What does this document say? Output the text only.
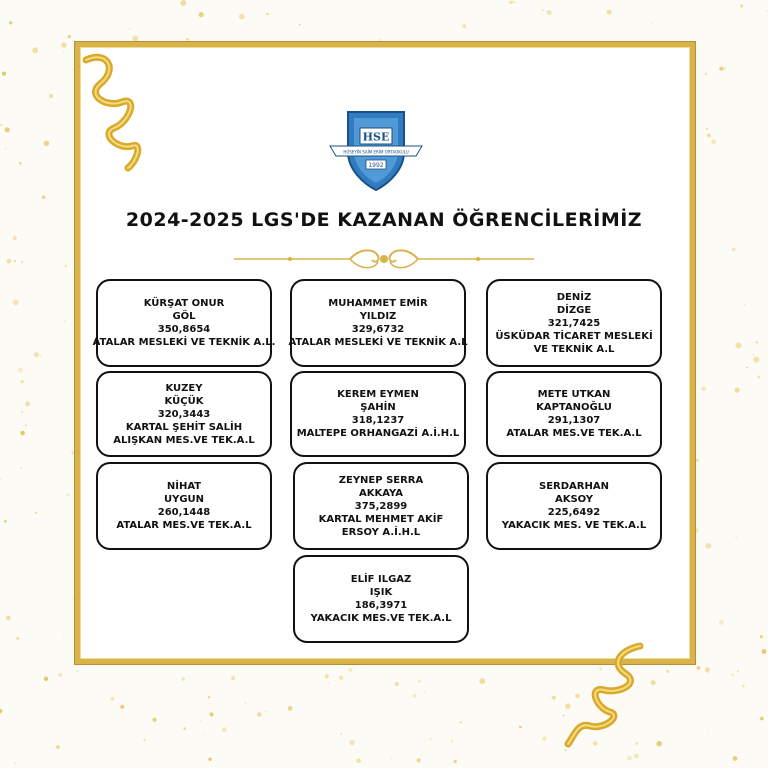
HSE
HÜSEYİN SAİM ERİM ORTAOKULU
1992
2024-2025 LGS'DE KAZANAN ÖĞRENCİLERİMİZ
KÜRŞAT ONUR
GÖL
350,8654
ATALAR MESLEKİ VE TEKNİK A.L.
MUHAMMET EMİR
YILDIZ
329,6732
ATALAR MESLEKİ VE TEKNİK A.L
DENİZ
DİZGE
321,7425
ÜSKÜDAR TİCARET MESLEKİ
VE TEKNİK A.L
KUZEY
KÜÇÜK
320,3443
KARTAL ŞEHİT SALİH
ALIŞKAN MES.VE TEK.A.L
KEREM EYMEN
ŞAHİN
318,1237
MALTEPE ORHANGAZİ A.İ.H.L
METE UTKAN
KAPTANOĞLU
291,1307
ATALAR MES.VE TEK.A.L
NİHAT
UYGUN
260,1448
ATALAR MES.VE TEK.A.L
ZEYNEP SERRA
AKKAYA
375,2899
KARTAL MEHMET AKİF
ERSOY A.İ.H.L
SERDARHAN
AKSOY
225,6492
YAKACIK MES. VE TEK.A.L
ELİF ILGAZ
IŞIK
186,3971
YAKACIK MES.VE TEK.A.L
